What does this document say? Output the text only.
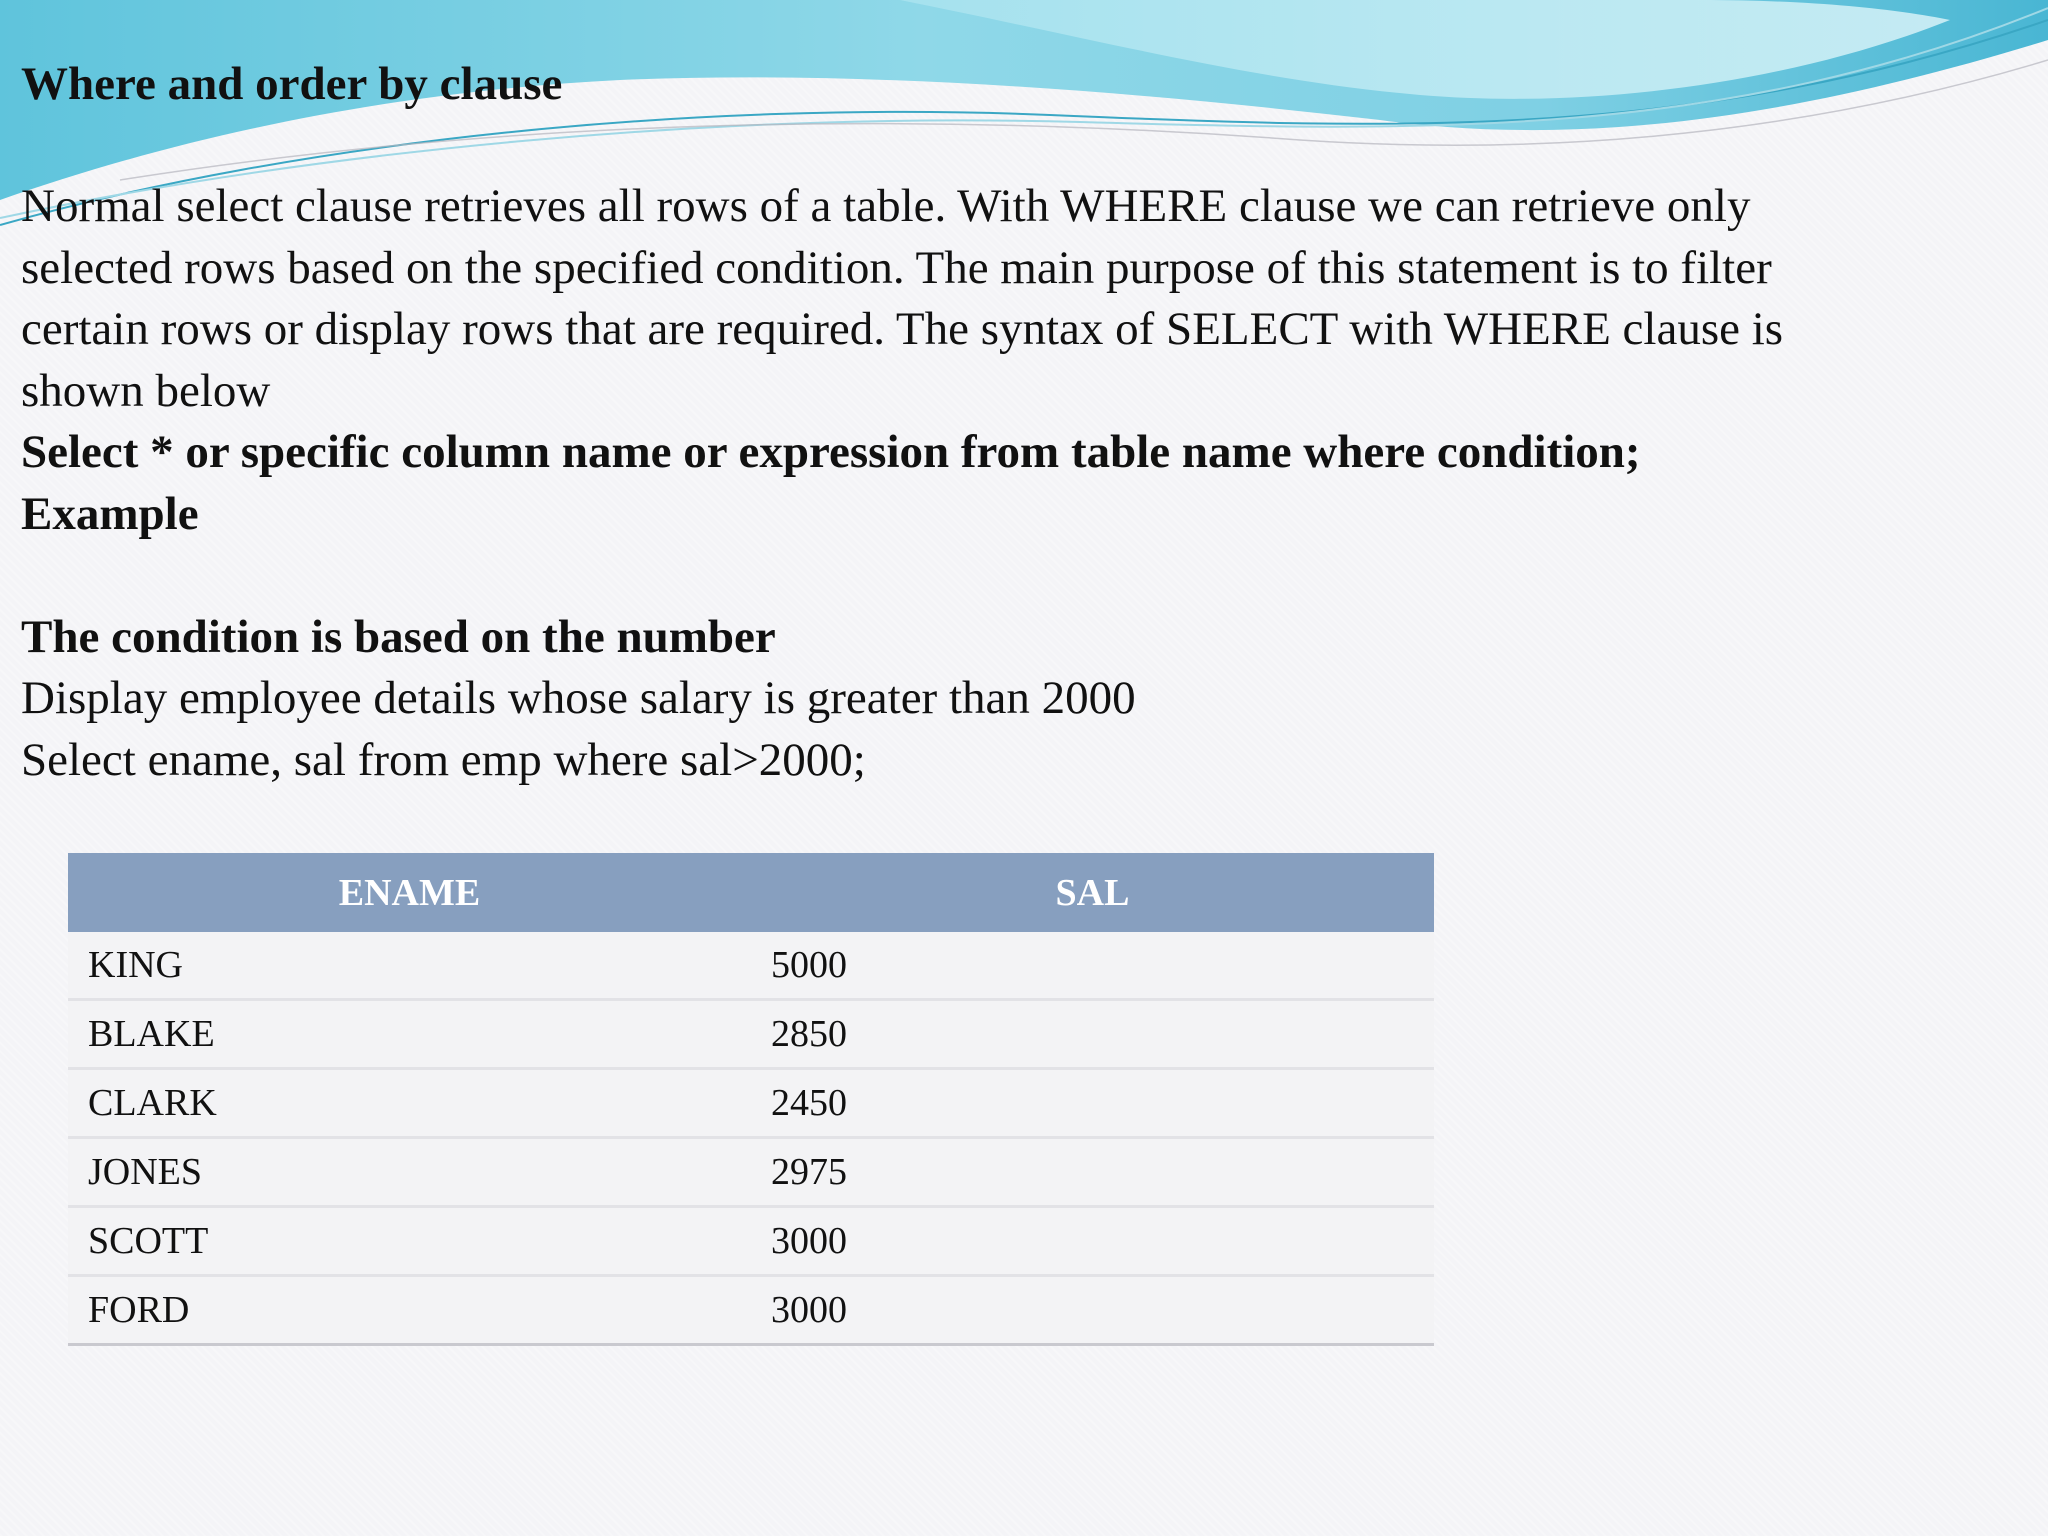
Where and order by clause
Normal select clause retrieves all rows of a table. With WHERE clause we can retrieve only
selected rows based on the specified condition. The main purpose of this statement is to filter
certain rows or display rows that are required. The syntax of SELECT with WHERE clause is
shown below
Select * or specific column name or expression from table name where condition;
Example
The condition is based on the number
Display employee details whose salary is greater than 2000
Select ename, sal from emp where sal>2000;
ENAME	SAL
KING	5000
BLAKE	2850
CLARK	2450
JONES	2975
SCOTT	3000
FORD	3000
